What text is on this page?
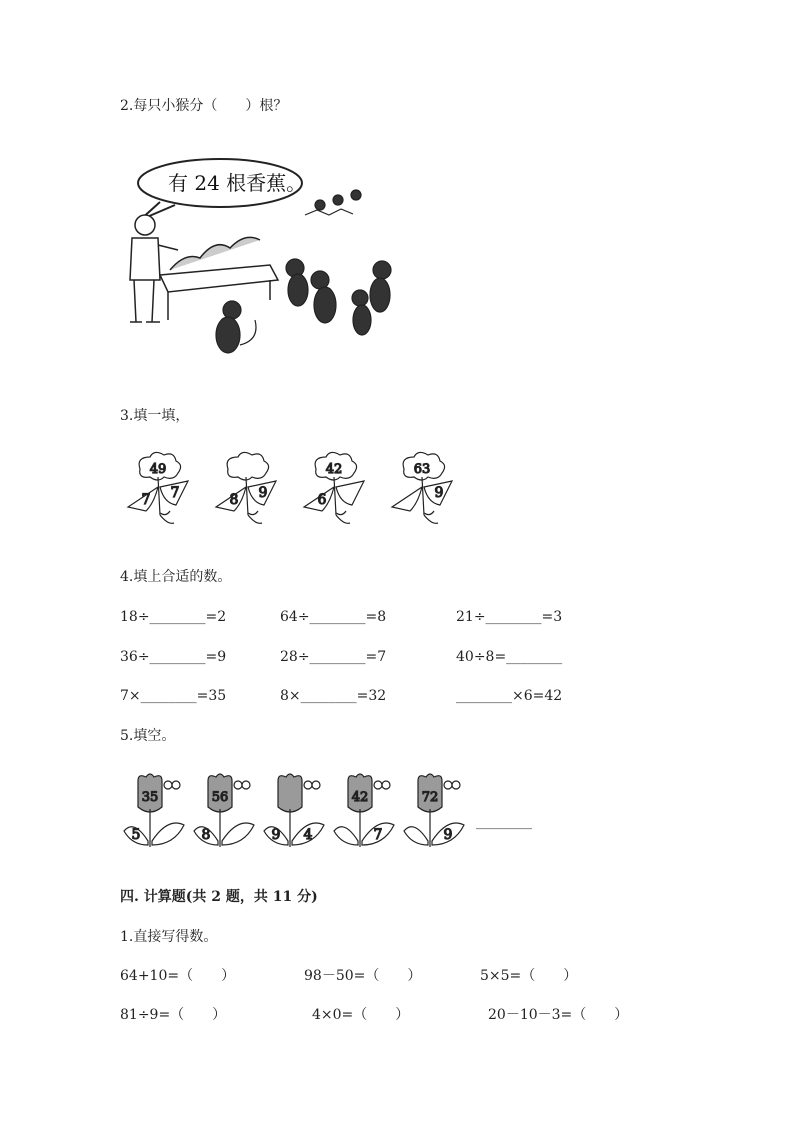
2.每只小猴分（　　）根？
有 24 根香蕉。
3.填一填，
49
7 7	8 9
42
6
63
9
4.填上合适的数。
18÷________=2	64÷________=8	21÷________=3
36÷________=9	28÷________=7	40÷8=________
7×________=35	8×________=32	________×6=42
5.填空。
35
5
56
8	9 4
42
7
72
9
________
四. 计算题(共 2 题，共 11 分)
1.直接写得数。
64+10=（　　）	98－50=（　　）	5×5=（　　）
81÷9=（　　）	4×0=（　　）	20－10－3=（　　）
